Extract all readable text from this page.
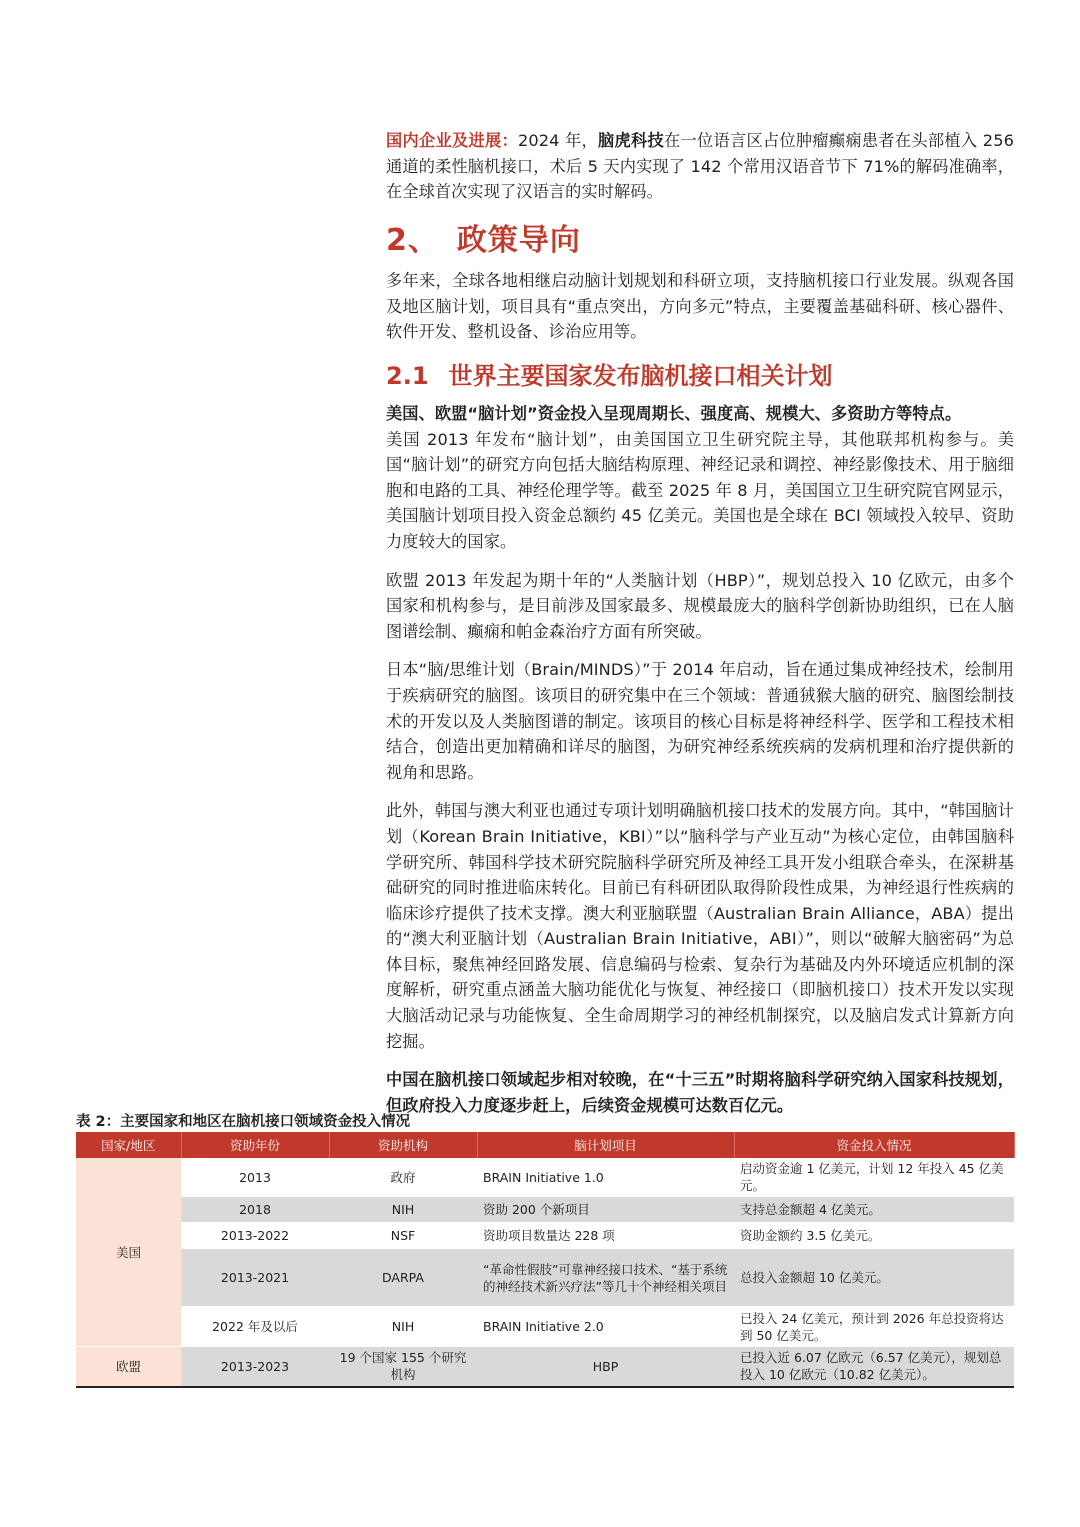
国内企业及进展：2024 年，脑虎科技在一位语言区占位肿瘤癫痫患者在头部植入 256 通道的柔性脑机接口，术后 5 天内实现了 142 个常用汉语音节下 71%的解码准确率，在全球首次实现了汉语言的实时解码。

2、 政策导向

多年来，全球各地相继启动脑计划规划和科研立项，支持脑机接口行业发展。纵观各国及地区脑计划，项目具有“重点突出，方向多元”特点，主要覆盖基础科研、核心器件、软件开发、整机设备、诊治应用等。

2.1 世界主要国家发布脑机接口相关计划

美国、欧盟“脑计划”资金投入呈现周期长、强度高、规模大、多资助方等特点。

美国 2013 年发布“脑计划”，由美国国立卫生研究院主导，其他联邦机构参与。美国“脑计划”的研究方向包括大脑结构原理、神经记录和调控、神经影像技术、用于脑细胞和电路的工具、神经伦理学等。截至 2025 年 8 月，美国国立卫生研究院官网显示，美国脑计划项目投入资金总额约 45 亿美元。美国也是全球在 BCI 领域投入较早、资助力度较大的国家。

欧盟 2013 年发起为期十年的“人类脑计划（HBP）”，规划总投入 10 亿欧元，由多个国家和机构参与，是目前涉及国家最多、规模最庞大的脑科学创新协助组织，已在人脑图谱绘制、癫痫和帕金森治疗方面有所突破。

日本“脑/思维计划（Brain/MINDS）”于 2014 年启动，旨在通过集成神经技术，绘制用于疾病研究的脑图。该项目的研究集中在三个领域：普通狨猴大脑的研究、脑图绘制技术的开发以及人类脑图谱的制定。该项目的核心目标是将神经科学、医学和工程技术相结合，创造出更加精确和详尽的脑图，为研究神经系统疾病的发病机理和治疗提供新的视角和思路。

此外，韩国与澳大利亚也通过专项计划明确脑机接口技术的发展方向。其中，“韩国脑计划（Korean Brain Initiative，KBI）”以“脑科学与产业互动”为核心定位，由韩国脑科学研究所、韩国科学技术研究院脑科学研究所及神经工具开发小组联合牵头，在深耕基础研究的同时推进临床转化。目前已有科研团队取得阶段性成果，为神经退行性疾病的临床诊疗提供了技术支撑。澳大利亚脑联盟（Australian Brain Alliance，ABA）提出的“澳大利亚脑计划（Australian Brain Initiative，ABI）”，则以“破解大脑密码”为总体目标，聚焦神经回路发展、信息编码与检索、复杂行为基础及内外环境适应机制的深度解析，研究重点涵盖大脑功能优化与恢复、神经接口（即脑机接口）技术开发以实现大脑活动记录与功能恢复、全生命周期学习的神经机制探究，以及脑启发式计算新方向挖掘。

中国在脑机接口领域起步相对较晚，在“十三五”时期将脑科学研究纳入国家科技规划，但政府投入力度逐步赶上，后续资金规模可达数百亿元。

表 2：主要国家和地区在脑机接口领域资金投入情况
国家/地区	资助年份	资助机构	脑计划项目	资金投入情况
美国	2013	政府	BRAIN Initiative 1.0	启动资金逾 1 亿美元，计划 12 年投入 45 亿美元。
	2018	NIH	资助 200 个新项目	支持总金额超 4 亿美元。
	2013-2022	NSF	资助项目数量达 228 项	资助金额约 3.5 亿美元。
	2013-2021	DARPA	“革命性假肢”可靠神经接口技术、“基于系统的神经技术新兴疗法”等几十个神经相关项目	总投入金额超 10 亿美元。
	2022 年及以后	NIH	BRAIN Initiative 2.0	已投入 24 亿美元，预计到 2026 年总投资将达到 50 亿美元。
欧盟	2013-2023	19 个国家 155 个研究机构	HBP	已投入近 6.07 亿欧元（6.57 亿美元），规划总投入 10 亿欧元（10.82 亿美元）。
